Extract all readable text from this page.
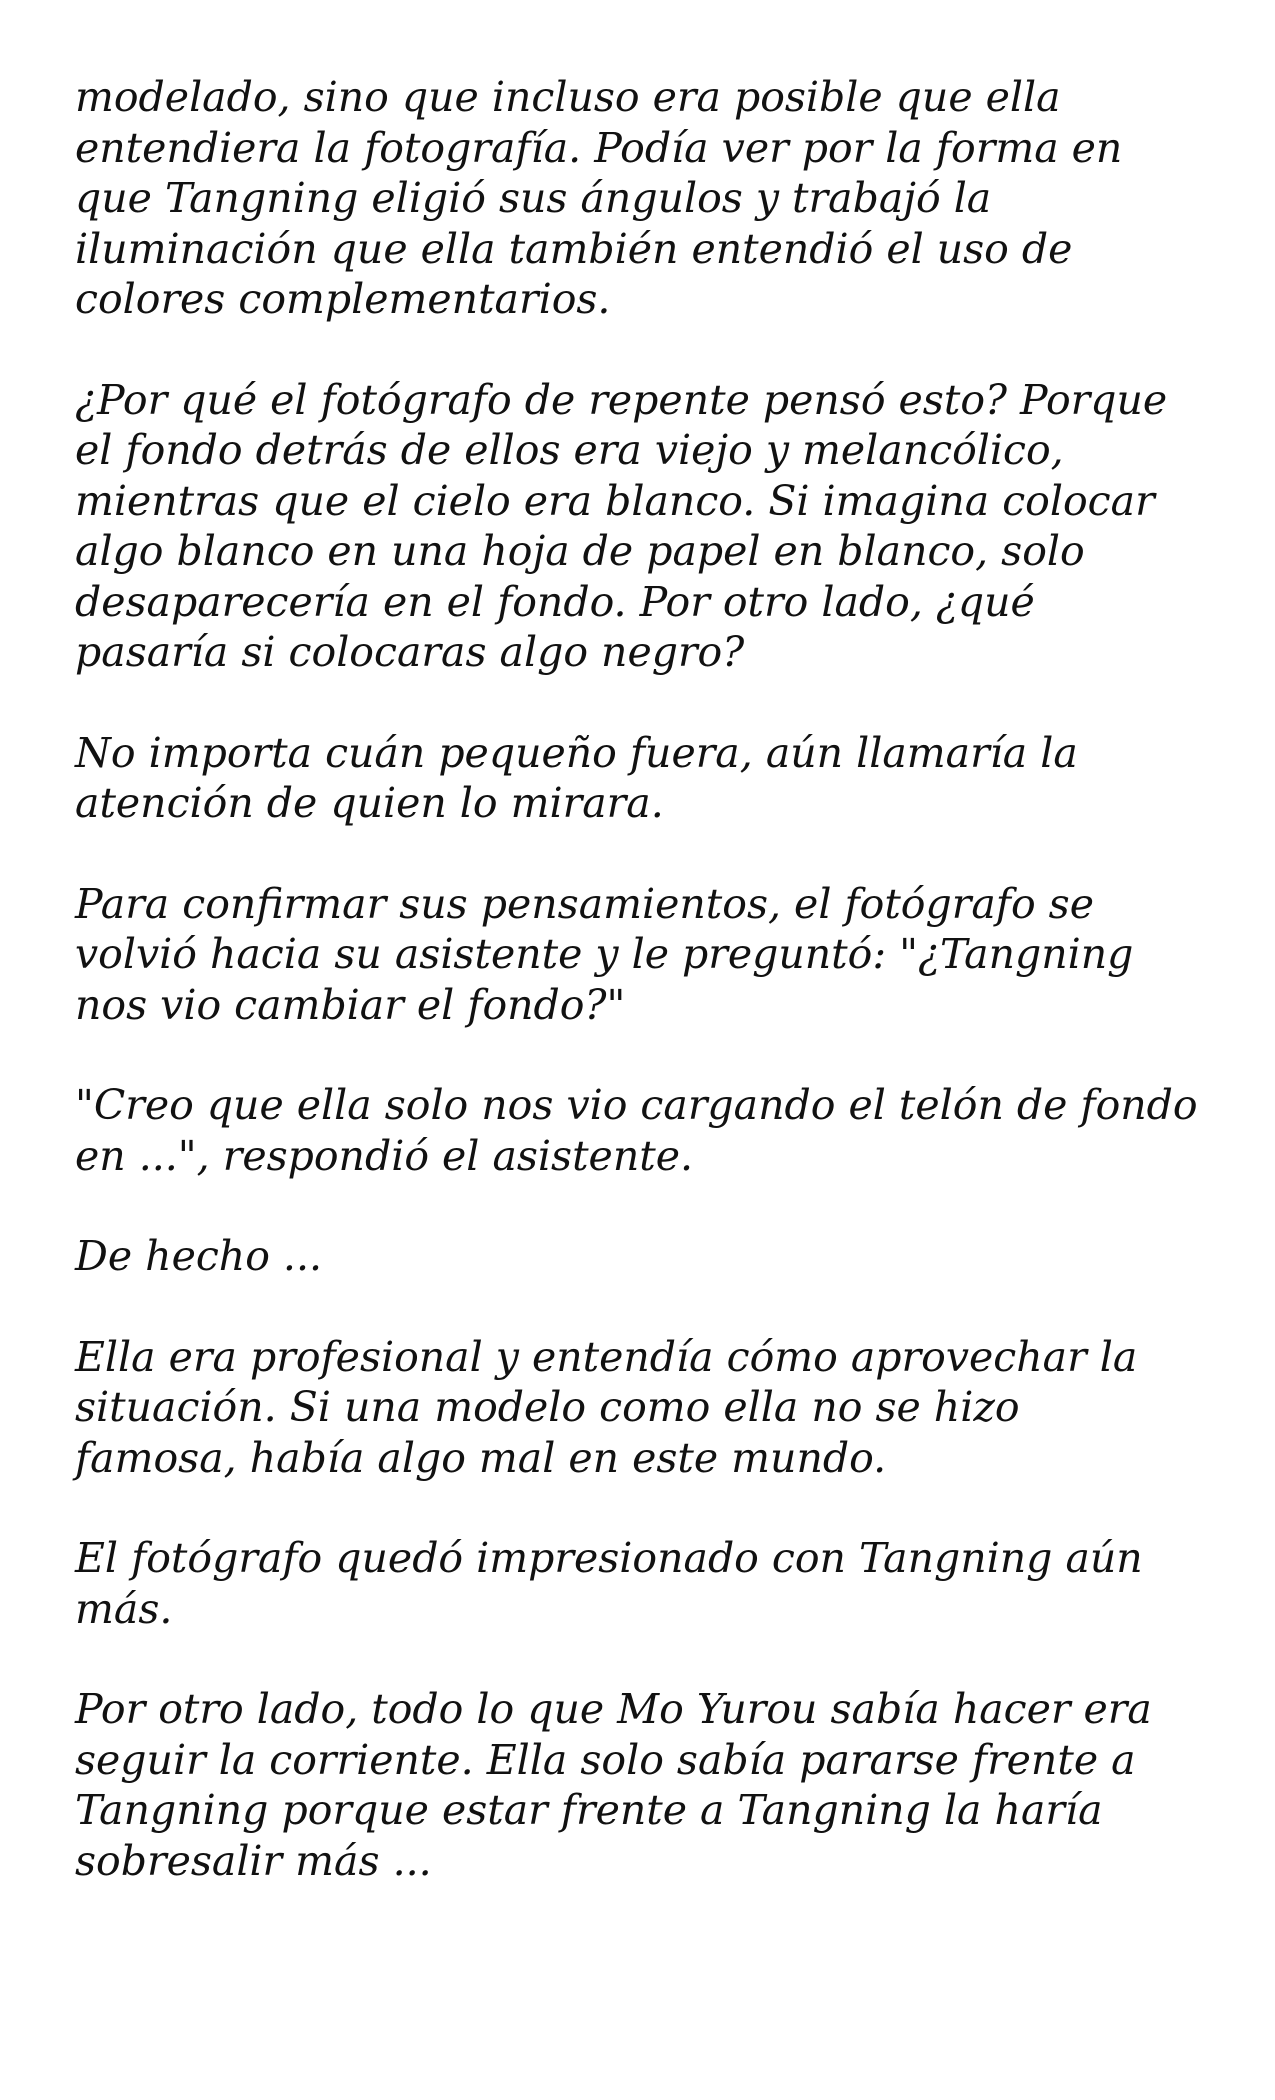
modelado, sino que incluso era posible que ella
entendiera la fotografía. Podía ver por la forma en
que Tangning eligió sus ángulos y trabajó la
iluminación que ella también entendió el uso de
colores complementarios.

¿Por qué el fotógrafo de repente pensó esto? Porque
el fondo detrás de ellos era viejo y melancólico,
mientras que el cielo era blanco. Si imagina colocar
algo blanco en una hoja de papel en blanco, solo
desaparecería en el fondo. Por otro lado, ¿qué
pasaría si colocaras algo negro?

No importa cuán pequeño fuera, aún llamaría la
atención de quien lo mirara.

Para confirmar sus pensamientos, el fotógrafo se
volvió hacia su asistente y le preguntó: "¿Tangning
nos vio cambiar el fondo?"

"Creo que ella solo nos vio cargando el telón de fondo
en ...", respondió el asistente.

De hecho ...

Ella era profesional y entendía cómo aprovechar la
situación. Si una modelo como ella no se hizo
famosa, había algo mal en este mundo.

El fotógrafo quedó impresionado con Tangning aún
más.

Por otro lado, todo lo que Mo Yurou sabía hacer era
seguir la corriente. Ella solo sabía pararse frente a
Tangning porque estar frente a Tangning la haría
sobresalir más ...
